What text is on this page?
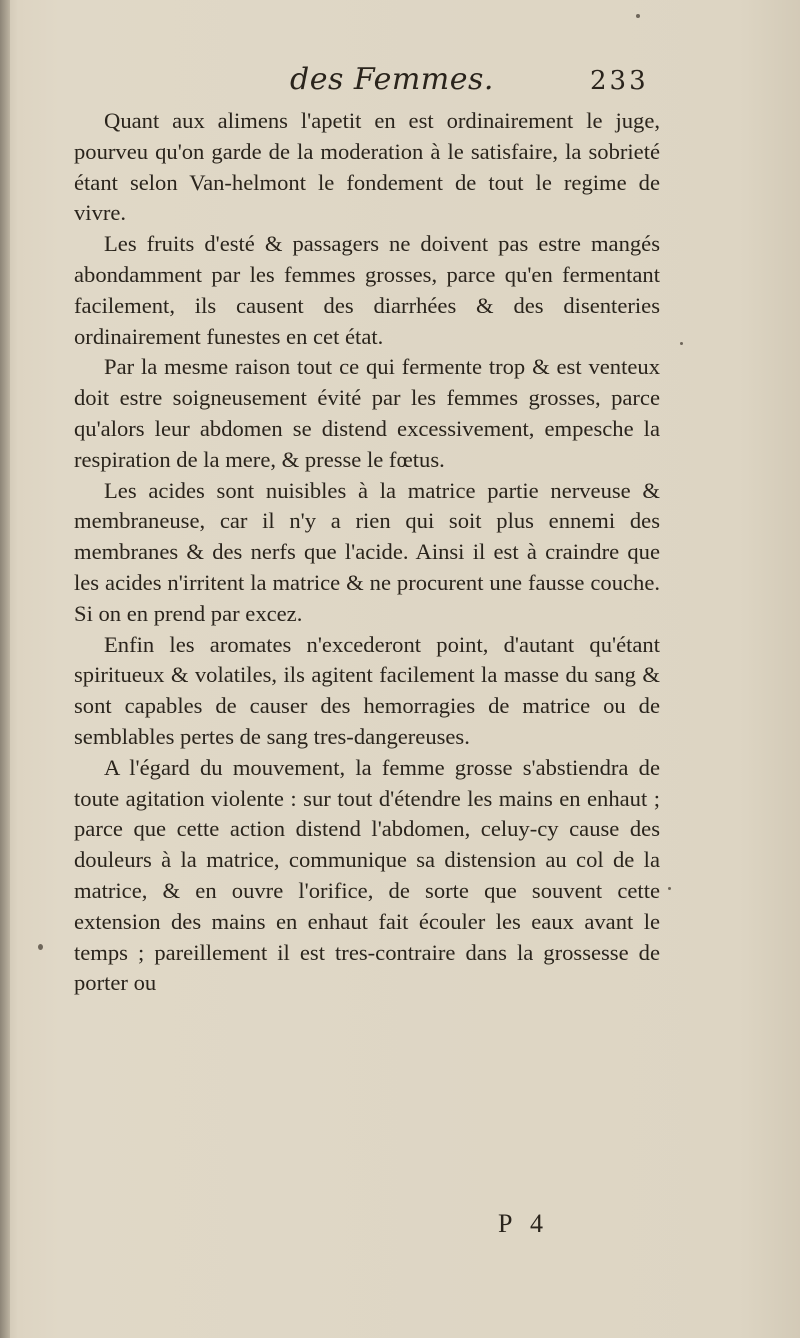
des Femmes.	233

Quant aux alimens l'apetit en est ordinairement le juge, pourveu qu'on garde de la moderation à le satisfaire, la sobrieté étant selon Van-helmont le fondement de tout le regime de vivre.

Les fruits d'esté & passagers ne doivent pas estre mangés abondamment par les femmes grosses, parce qu'en fermentant facilement, ils causent des diarrhées & des disenteries ordinairement funestes en cet état.

Par la mesme raison tout ce qui fermente trop & est venteux doit estre soigneusement évité par les femmes grosses, parce qu'alors leur abdomen se distend excessivement, empesche la respiration de la mere, & presse le fœtus.

Les acides sont nuisibles à la matrice partie nerveuse & membraneuse, car il n'y a rien qui soit plus ennemi des membranes & des nerfs que l'acide. Ainsi il est à craindre que les acides n'irritent la matrice & ne procurent une fausse couche. Si on en prend par excez.

Enfin les aromates n'excederont point, d'autant qu'étant spiritueux & volatiles, ils agitent facilement la masse du sang & sont capables de causer des hemorragies de matrice ou de semblables pertes de sang tres-dangereuses.

A l'égard du mouvement, la femme grosse s'abstiendra de toute agitation violente : sur tout d'étendre les mains en enhaut ; parce que cette action distend l'abdomen, celuy-cy cause des douleurs à la matrice, communique sa distension au col de la matrice, & en ouvre l'orifice, de sorte que souvent cette extension des mains en enhaut fait écouler les eaux avant le temps ; pareillement il est tres-contraire dans la grossesse de porter ou

P 4
